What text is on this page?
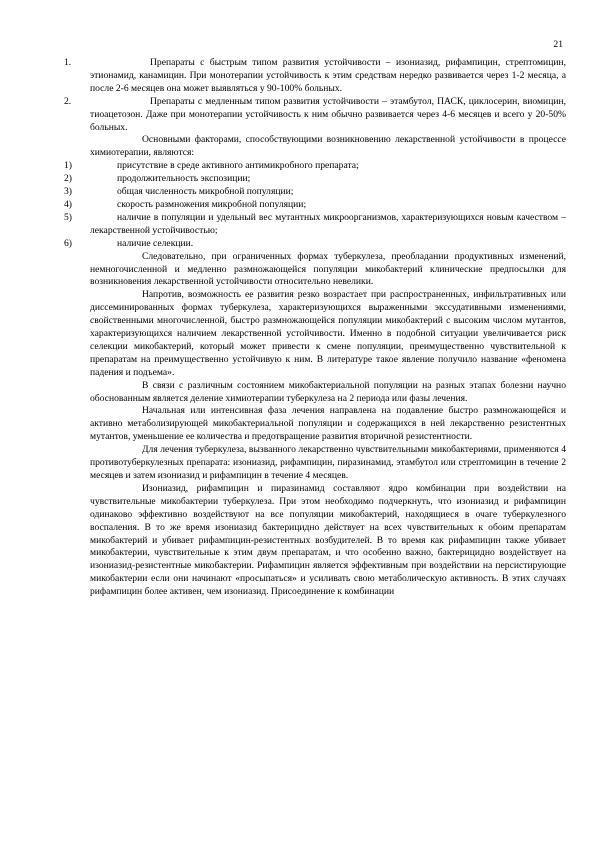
21
1.	Препараты с быстрым типом развития устойчивости – изониазид, рифампицин, стрептомицин, этионамид, канамицин. При монотерапии устойчивость к этим средствам нередко развивается через 1-2 месяца, а после 2-6 месяцев она может выявляться у 90-100% больных.

2.	Препараты с медленным типом развития устойчивости – этамбутол, ПАСК, циклосерин, виомицин, тиоацетозон. Даже при монотерапии устойчивость к ним обычно развивается через 4-6 месяцев и всего у 20-50% больных.

Основными факторами, способствующими возникновению лекарственной устойчивости в процессе химиотерапии, являются:

1)	присутствие в среде активного антимикробного препарата;

2)	продолжительность экспозиции;

3)	общая численность микробной популяции;

4)	скорость размножения микробной популяции;

5)	наличие в популяции и удельный вес мутантных микроорганизмов, характеризующихся новым качеством – лекарственной устойчивостью;

6)	наличие селекции.

Следовательно, при ограниченных формах туберкулеза, преобладании продуктивных изменений, немногочисленной и медленно размножающейся популяции микобактерий клинические предпосылки для возникновения лекарственной устойчивости относительно невелики.

Напротив, возможность ее развития резко возрастает при распространенных, инфильтративных или диссеминированных формах туберкулеза, характеризующихся выраженными экссудативными изменениями, свойственными многочисленной, быстро размножающейся популяции микобактерий с высоким числом мутантов, характеризующихся наличием лекарственной устойчивости. Именно в подобной ситуации увеличивается риск селекции микобактерий, который может привести к смене популяции, преимущественно чувствительной к препаратам на преимущественно устойчивую к ним. В литературе такое явление получило название «феномена падения и подъема».

В связи с различным состоянием микобактериальной популяции на разных этапах болезни научно обоснованным является деление химиотерапии туберкулеза на 2 периода или фазы лечения.

Начальная или интенсивная фаза лечения направлена на подавление быстро размножающейся и активно метаболизирующей микобактериальной популяции и содержащихся в ней лекарственно резистентных мутантов, уменьшение ее количества и предотвращение развития вторичной резистентности.

Для лечения туберкулеза, вызванного лекарственно чувствительными микобактериями, применяются 4 противотуберкулезных препарата: изониазид, рифампицин, пиразинамид, этамбутол или стрептомицин в течение 2 месяцев и затем изониазид и рифампицин в течение 4 месяцев.

Изониазид, рифампицин и пиразинамид составляют ядро комбинации при воздействии на чувствительные микобактерии туберкулеза. При этом необходимо подчеркнуть, что изониазид и рифампицин одинаково эффективно воздействуют на все популяции микобактерий, находящиеся в очаге туберкулезного воспаления. В то же время изониазид бактерицидно действует на всех чувствительных к обоим препаратам микобактерий и убивает рифампицин-резистентных возбудителей. В то время как рифампицин также убивает микобактерии, чувствительные к этим двум препаратам, и что особенно важно, бактерицидно воздействует на изониазид-резистентные микобактерии. Рифампицин является эффективным при воздействии на персистирующие микобактерии если они начинают «просыпаться» и усиливать свою метаболическую активность. В этих случаях рифампицин более активен, чем изониазид. Присоединение к комбинации
